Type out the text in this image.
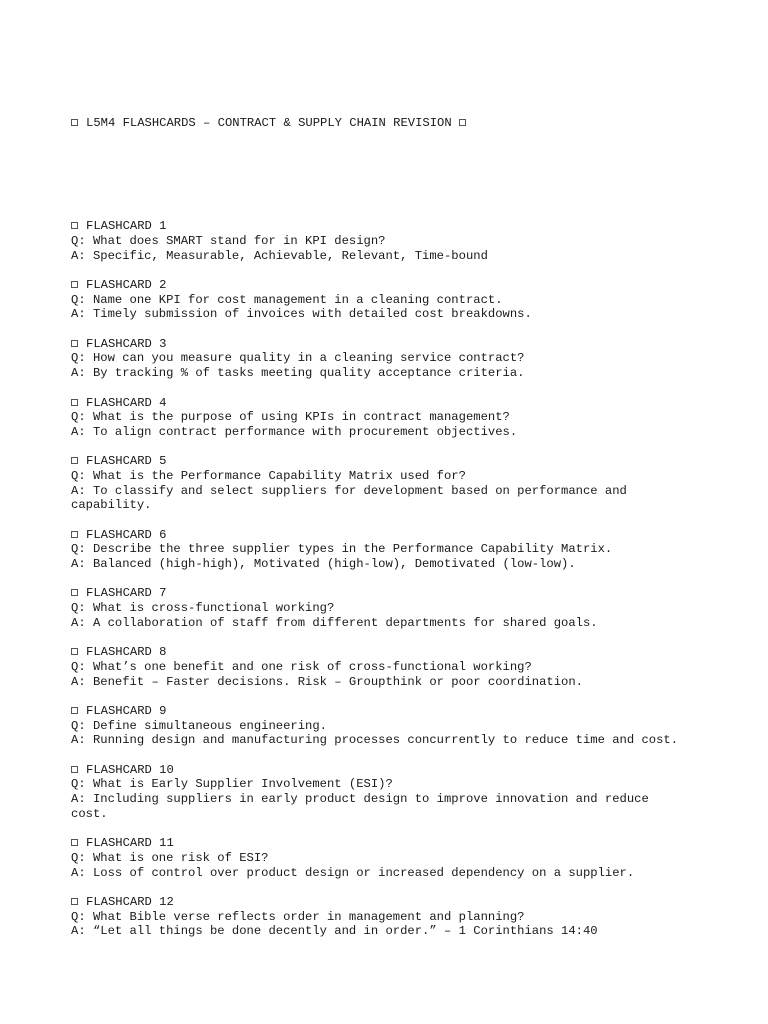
L5M4 FLASHCARDS – CONTRACT & SUPPLY CHAIN REVISION

FLASHCARD 1
Q: What does SMART stand for in KPI design?
A: Specific, Measurable, Achievable, Relevant, Time-bound
FLASHCARD 2
Q: Name one KPI for cost management in a cleaning contract.
A: Timely submission of invoices with detailed cost breakdowns.
FLASHCARD 3
Q: How can you measure quality in a cleaning service contract?
A: By tracking % of tasks meeting quality acceptance criteria.
FLASHCARD 4
Q: What is the purpose of using KPIs in contract management?
A: To align contract performance with procurement objectives.
FLASHCARD 5
Q: What is the Performance Capability Matrix used for?
A: To classify and select suppliers for development based on performance and
capability.
FLASHCARD 6
Q: Describe the three supplier types in the Performance Capability Matrix.
A: Balanced (high-high), Motivated (high-low), Demotivated (low-low).
FLASHCARD 7
Q: What is cross-functional working?
A: A collaboration of staff from different departments for shared goals.
FLASHCARD 8
Q: What’s one benefit and one risk of cross-functional working?
A: Benefit – Faster decisions. Risk – Groupthink or poor coordination.
FLASHCARD 9
Q: Define simultaneous engineering.
A: Running design and manufacturing processes concurrently to reduce time and cost.
FLASHCARD 10
Q: What is Early Supplier Involvement (ESI)?
A: Including suppliers in early product design to improve innovation and reduce
cost.
FLASHCARD 11
Q: What is one risk of ESI?
A: Loss of control over product design or increased dependency on a supplier.
FLASHCARD 12
Q: What Bible verse reflects order in management and planning?
A: “Let all things be done decently and in order.” – 1 Corinthians 14:40
